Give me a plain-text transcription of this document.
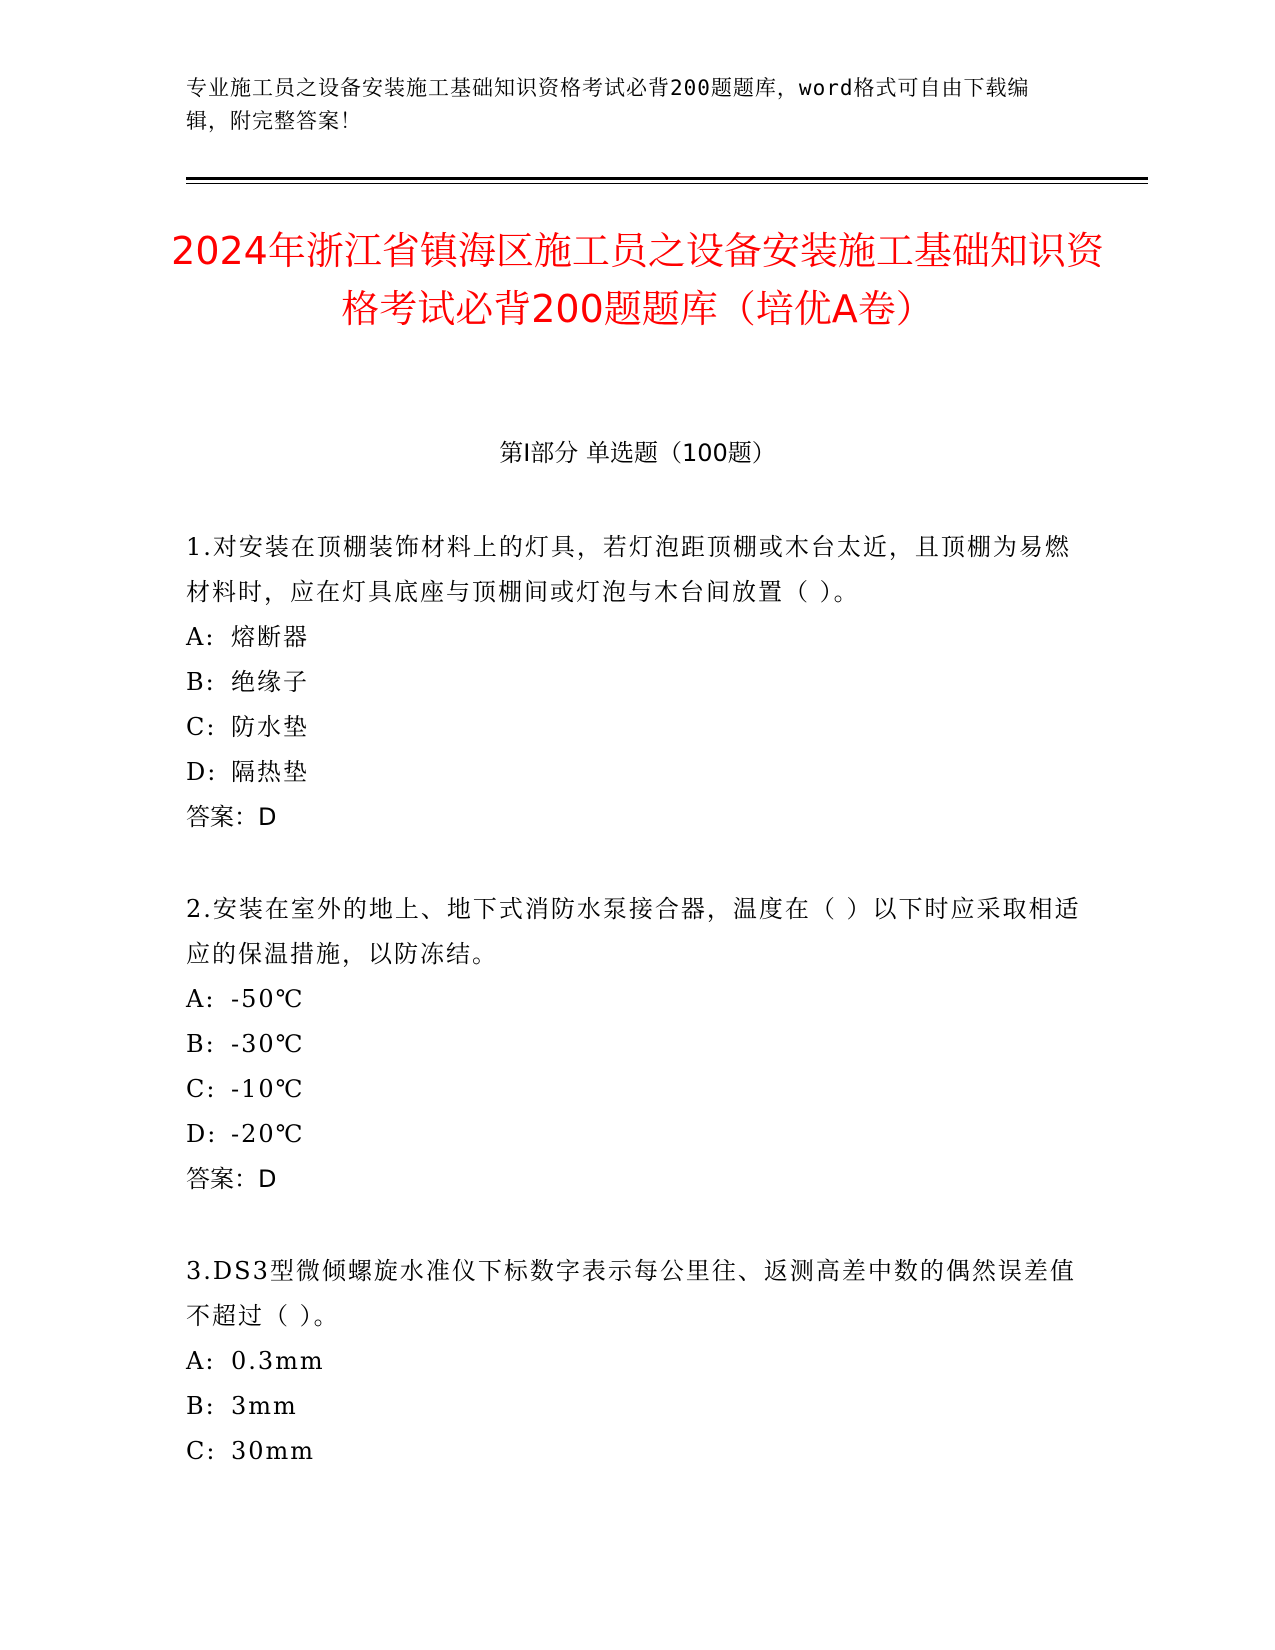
专业施工员之设备安装施工基础知识资格考试必背200题题库，word格式可自由下载编辑，附完整答案！
2024年浙江省镇海区施工员之设备安装施工基础知识资格考试必背200题题库（培优A卷）
第I部分 单选题（100题）
1.对安装在顶棚装饰材料上的灯具，若灯泡距顶棚或木台太近，且顶棚为易燃材料时，应在灯具底座与顶棚间或灯泡与木台间放置（ ）。
A: 熔断器
B: 绝缘子
C: 防水垫
D: 隔热垫
答案：D
2.安装在室外的地上、地下式消防水泵接合器，温度在（ ）以下时应采取相适应的保温措施，以防冻结。
A: -50℃
B: -30℃
C: -10℃
D: -20℃
答案：D
3.DS3型微倾螺旋水准仪下标数字表示每公里往、返测高差中数的偶然误差值不超过（ ）。
A: 0.3mm
B: 3mm
C: 30mm
